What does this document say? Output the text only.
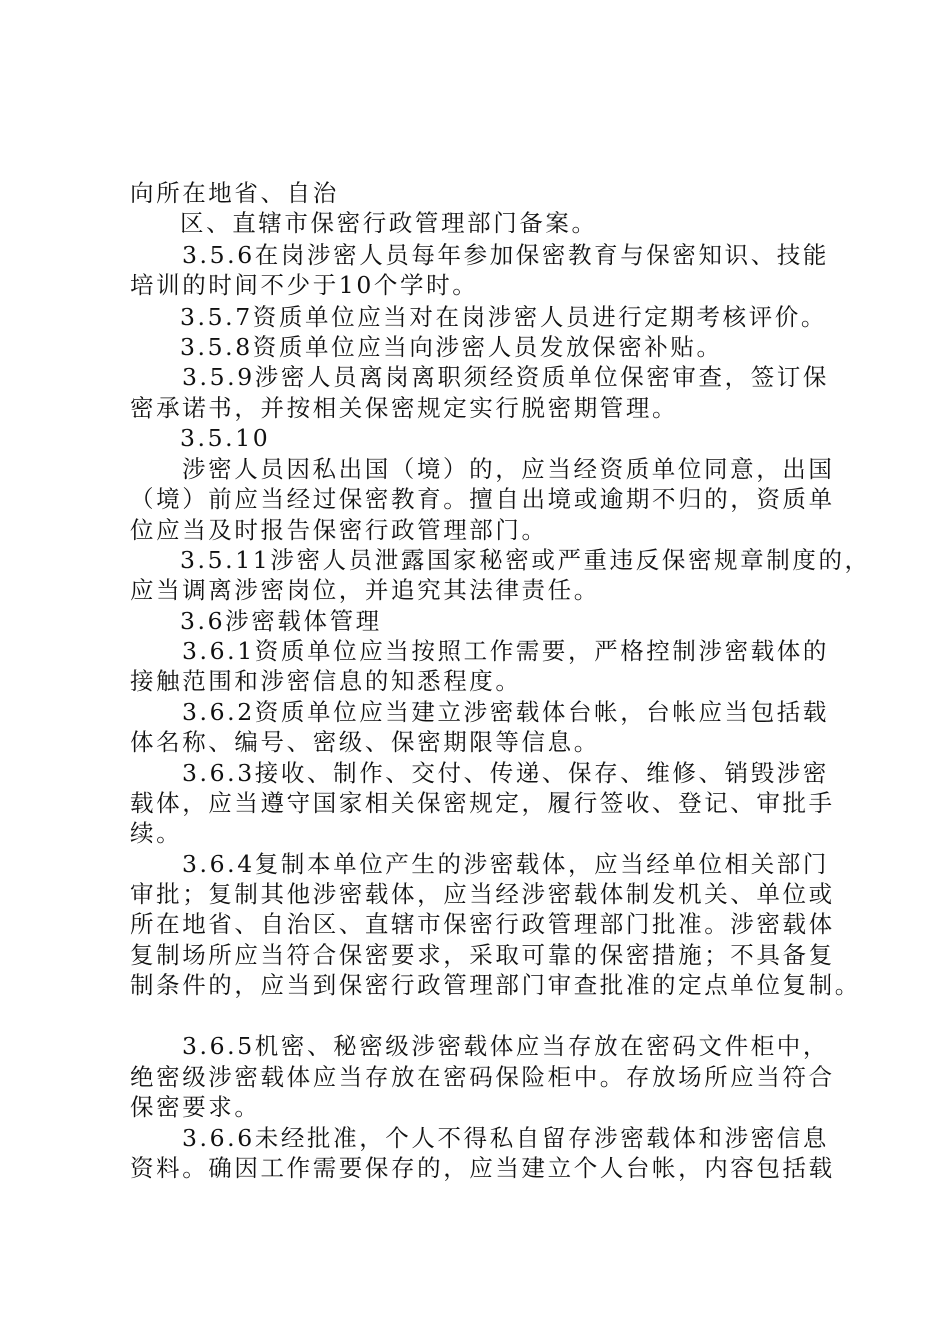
向所在地省、自治
区、直辖市保密行政管理部门备案。
3.5.6在岗涉密人员每年参加保密教育与保密知识、技能
培训的时间不少于10个学时。
3.5.7资质单位应当对在岗涉密人员进行定期考核评价。
3.5.8资质单位应当向涉密人员发放保密补贴。
3.5.9涉密人员离岗离职须经资质单位保密审查，签订保
密承诺书，并按相关保密规定实行脱密期管理。
3.5.10
涉密人员因私出国（境）的，应当经资质单位同意，出国
（境）前应当经过保密教育。擅自出境或逾期不归的，资质单
位应当及时报告保密行政管理部门。
3.5.11涉密人员泄露国家秘密或严重违反保密规章制度的，
应当调离涉密岗位，并追究其法律责任。
3.6涉密载体管理
3.6.1资质单位应当按照工作需要，严格控制涉密载体的
接触范围和涉密信息的知悉程度。
3.6.2资质单位应当建立涉密载体台帐，台帐应当包括载
体名称、编号、密级、保密期限等信息。
3.6.3接收、制作、交付、传递、保存、维修、销毁涉密
载体，应当遵守国家相关保密规定，履行签收、登记、审批手
续。
3.6.4复制本单位产生的涉密载体，应当经单位相关部门
审批；复制其他涉密载体，应当经涉密载体制发机关、单位或
所在地省、自治区、直辖市保密行政管理部门批准。涉密载体
复制场所应当符合保密要求，采取可靠的保密措施；不具备复
制条件的，应当到保密行政管理部门审查批准的定点单位复制。
3.6.5机密、秘密级涉密载体应当存放在密码文件柜中，
绝密级涉密载体应当存放在密码保险柜中。存放场所应当符合
保密要求。
3.6.6未经批准，个人不得私自留存涉密载体和涉密信息
资料。确因工作需要保存的，应当建立个人台帐，内容包括载
